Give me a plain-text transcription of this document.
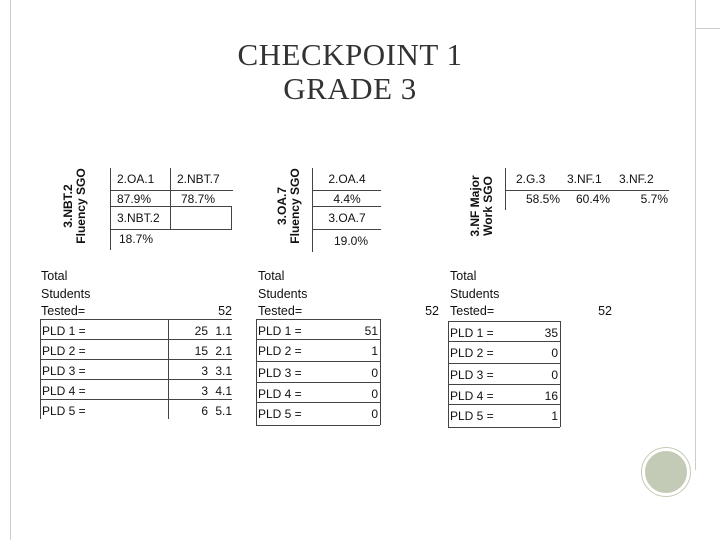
CHECKPOINT 1
GRADE 3
3.NBT.2 Fluency SGO	2.OA.1	2.NBT.7
87.9%	78.7%
3.NBT.2
18.7%
Total
Students
Tested=	52
PLD 1 =	25 1.1
PLD 2 =	15 2.1
PLD 3 =	3 3.1
PLD 4 =	3 4.1
PLD 5 =	6 5.1
3.OA.7 Fluency SGO	2.OA.4
4.4%
3.OA.7
19.0%
Total
Students
Tested=	52
PLD 1 =	51
PLD 2 =	1
PLD 3 =	0
PLD 4 =	0
PLD 5 =	0
3.NF Major Work SGO	2.G.3	3.NF.1	3.NF.2
58.5%	60.4%	5.7%
Total
Students
Tested=	52
PLD 1 =	35
PLD 2 =	0
PLD 3 =	0
PLD 4 =	16
PLD 5 =	1
